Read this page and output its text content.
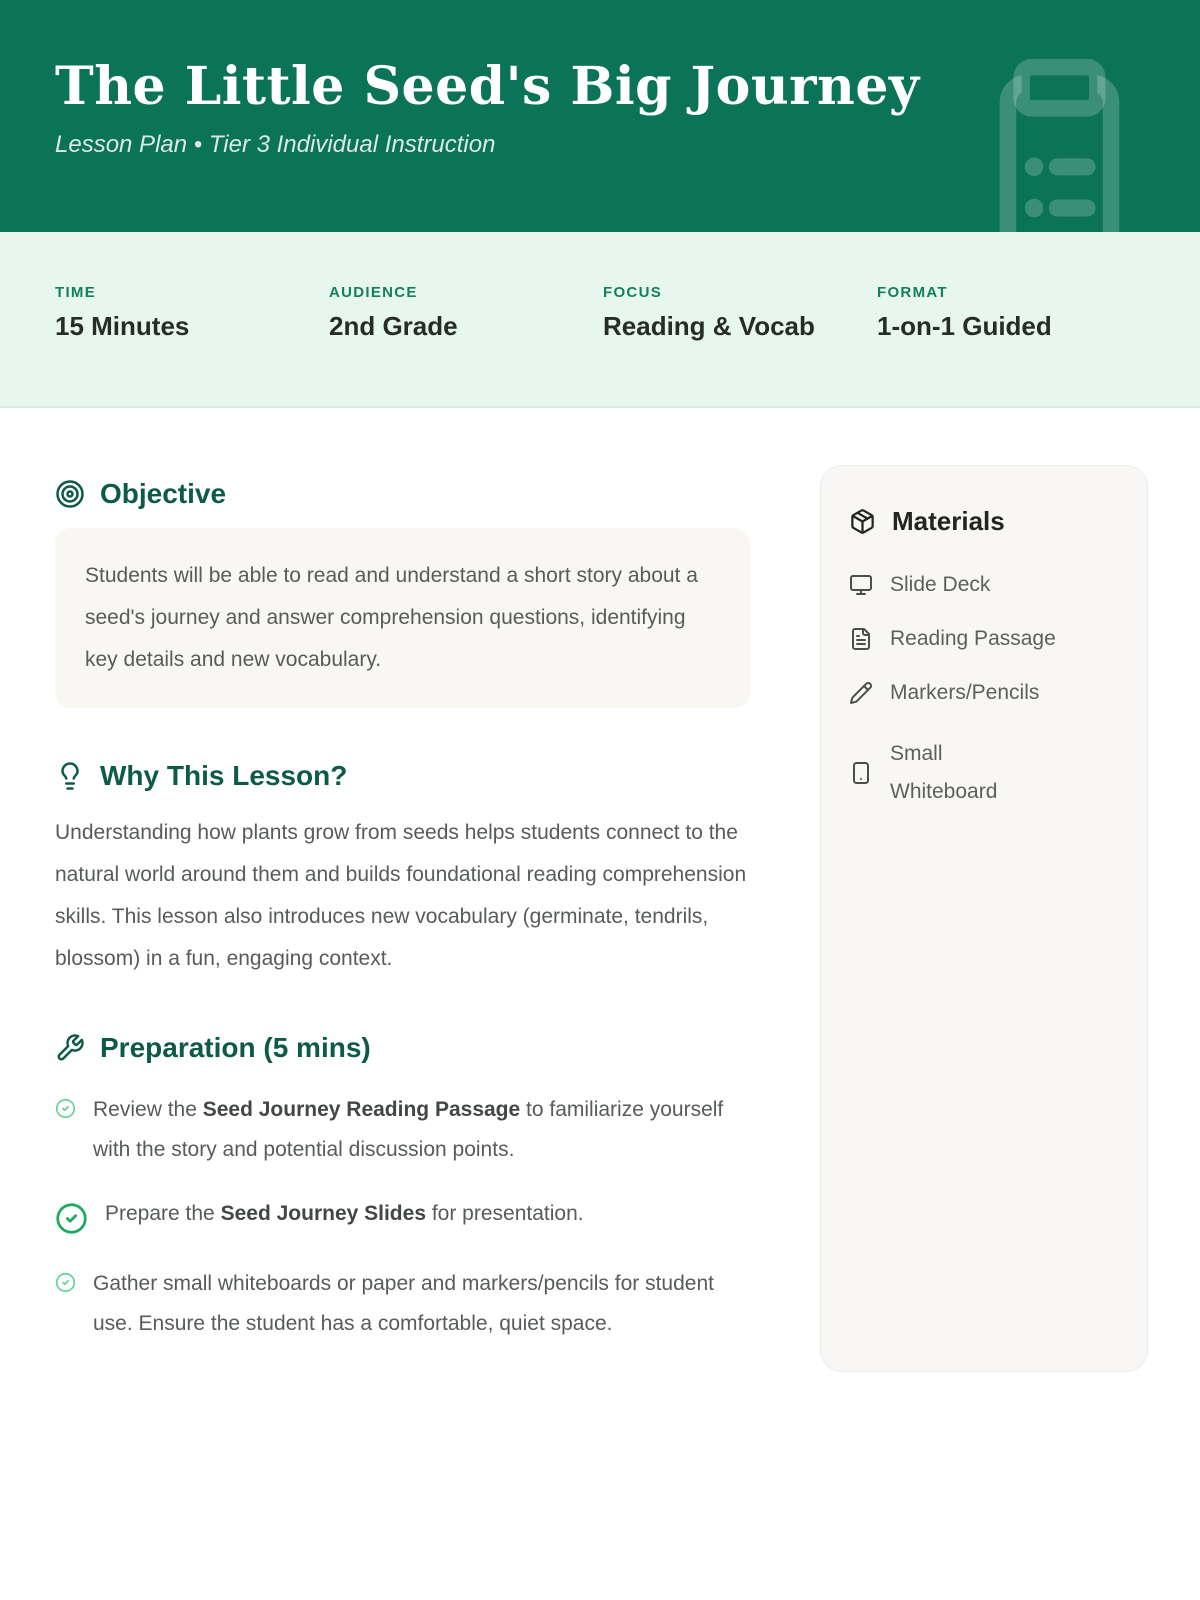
The Little Seed's Big Journey

Lesson Plan • Tier 3 Individual Instruction

TIME
15 Minutes
AUDIENCE
2nd Grade
FOCUS
Reading & Vocab
FORMAT
1-on-1 Guided
Objective

Students will be able to read and understand a short story about a seed's journey and answer comprehension questions, identifying key details and new vocabulary.

Why This Lesson?

Understanding how plants grow from seeds helps students connect to the natural world around them and builds foundational reading comprehension skills. This lesson also introduces new vocabulary (germinate, tendrils, blossom) in a fun, engaging context.

Preparation (5 mins)

Review the Seed Journey Reading Passage to familiarize yourself with the story and potential discussion points.

Prepare the Seed Journey Slides for presentation.

Gather small whiteboards or paper and markers/pencils for student use. Ensure the student has a comfortable, quiet space.

Materials
Slide Deck
Reading Passage
Markers/Pencils
Small Whiteboard
